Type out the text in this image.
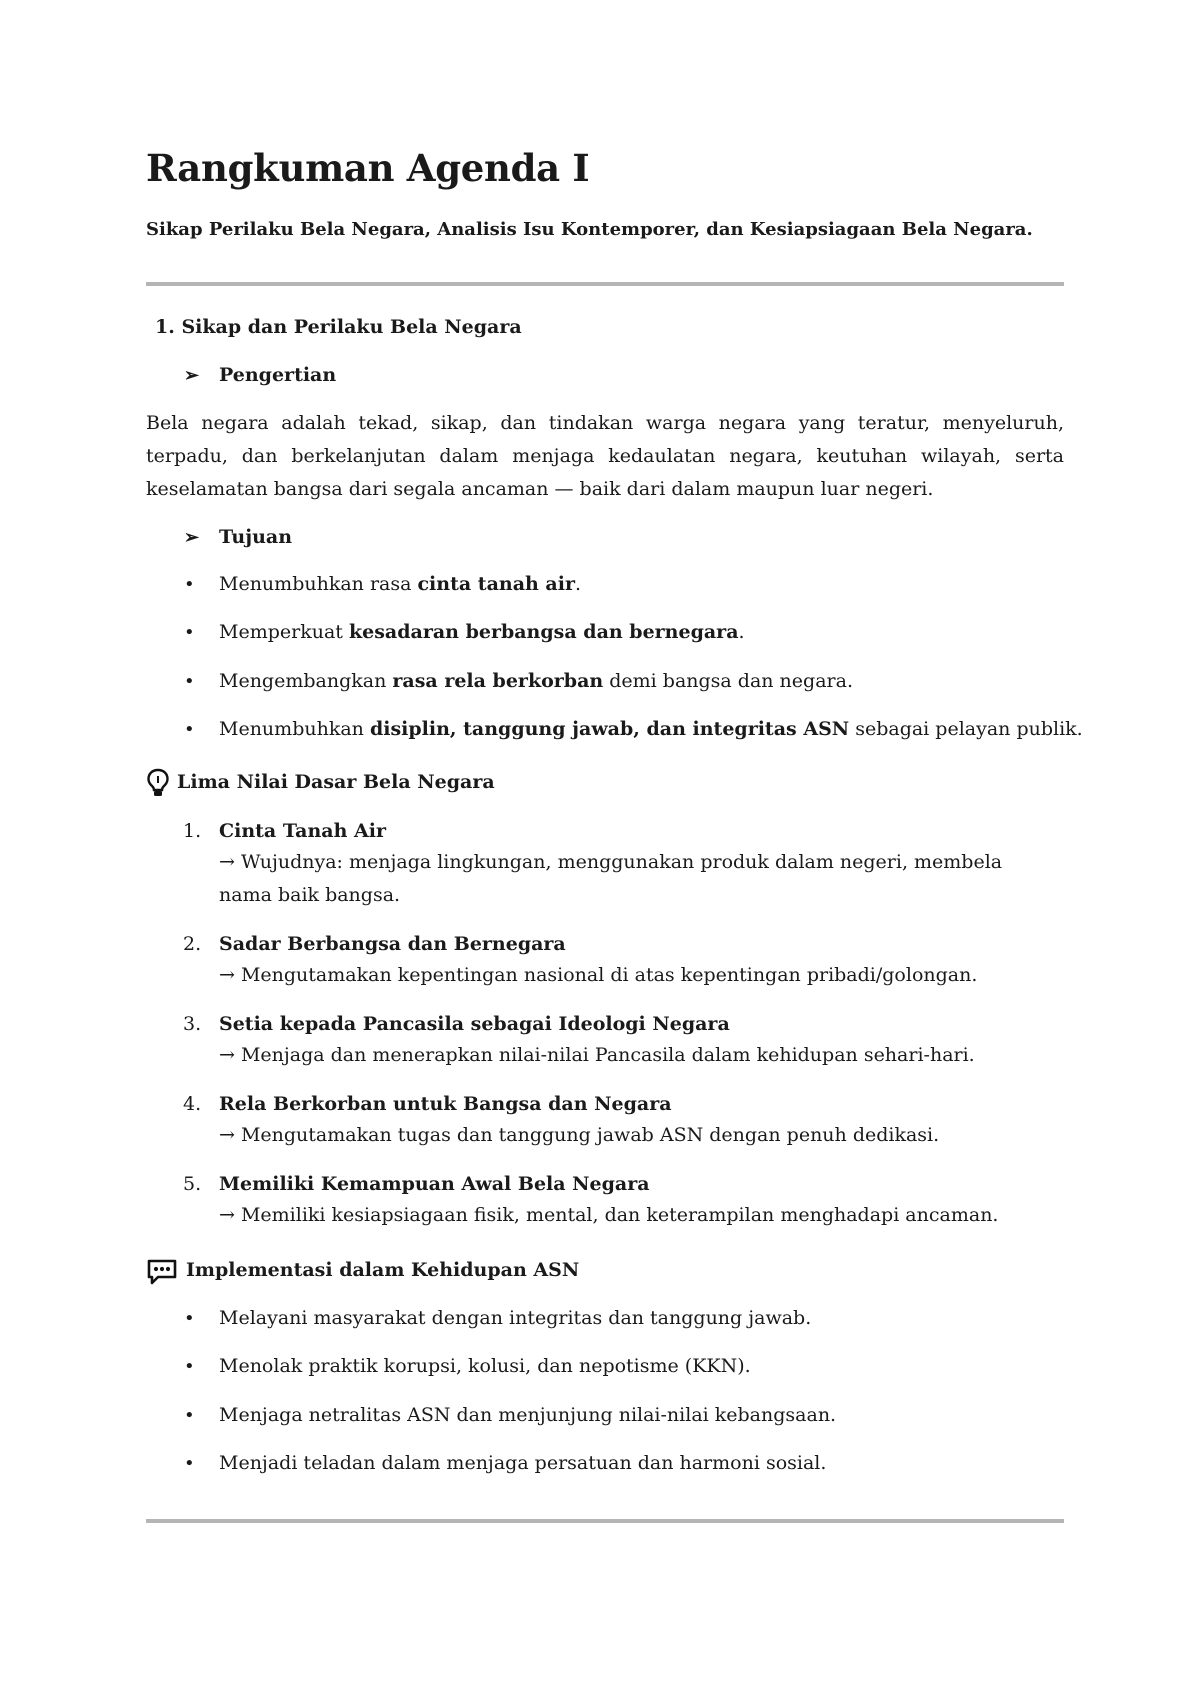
Rangkuman Agenda I

Sikap Perilaku Bela Negara, Analisis Isu Kontemporer, dan Kesiapsiagaan Bela Negara.

1. Sikap dan Perilaku Bela Negara

➢ Pengertian

Bela negara adalah tekad, sikap, dan tindakan warga negara yang teratur, menyeluruh, terpadu, dan berkelanjutan dalam menjaga kedaulatan negara, keutuhan wilayah, serta keselamatan bangsa dari segala ancaman — baik dari dalam maupun luar negeri.

➢ Tujuan

• Menumbuhkan rasa cinta tanah air.
• Memperkuat kesadaran berbangsa dan bernegara.
• Mengembangkan rasa rela berkorban demi bangsa dan negara.
• Menumbuhkan disiplin, tanggung jawab, dan integritas ASN sebagai pelayan publik.

Lima Nilai Dasar Bela Negara

1. Cinta Tanah Air

→ Wujudnya: menjaga lingkungan, menggunakan produk dalam negeri, membela nama baik bangsa.

2. Sadar Berbangsa dan Bernegara

→ Mengutamakan kepentingan nasional di atas kepentingan pribadi/golongan.

3. Setia kepada Pancasila sebagai Ideologi Negara

→ Menjaga dan menerapkan nilai-nilai Pancasila dalam kehidupan sehari-hari.

4. Rela Berkorban untuk Bangsa dan Negara

→ Mengutamakan tugas dan tanggung jawab ASN dengan penuh dedikasi.

5. Memiliki Kemampuan Awal Bela Negara

→ Memiliki kesiapsiagaan fisik, mental, dan keterampilan menghadapi ancaman.

Implementasi dalam Kehidupan ASN

• Melayani masyarakat dengan integritas dan tanggung jawab.
• Menolak praktik korupsi, kolusi, dan nepotisme (KKN).
• Menjaga netralitas ASN dan menjunjung nilai-nilai kebangsaan.
• Menjadi teladan dalam menjaga persatuan dan harmoni sosial.
